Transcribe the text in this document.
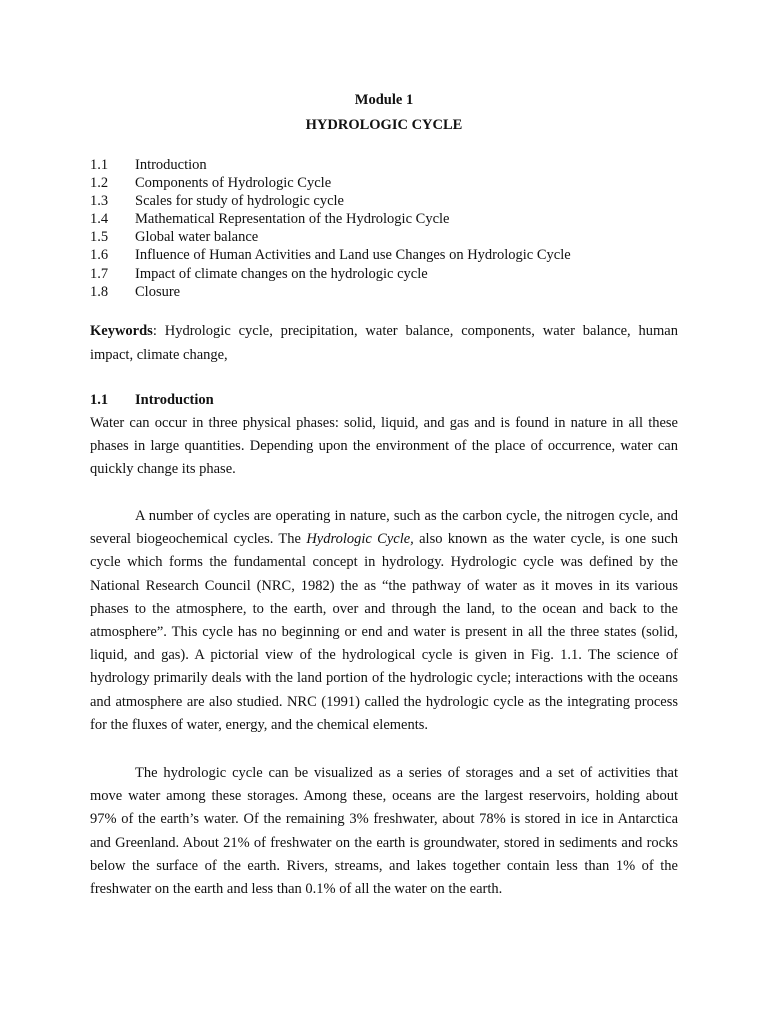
Module 1
HYDROLOGIC CYCLE
1.1	Introduction
1.2	Components of Hydrologic Cycle
1.3	Scales for study of hydrologic cycle
1.4	Mathematical Representation of the Hydrologic Cycle
1.5	Global water balance
1.6	Influence of Human Activities and Land use Changes on Hydrologic Cycle
1.7	Impact of climate changes on the hydrologic cycle
1.8	Closure
Keywords: Hydrologic cycle, precipitation, water balance, components, water balance, human impact, climate change,
1.1 Introduction

Water can occur in three physical phases: solid, liquid, and gas and is found in nature in all these phases in large quantities. Depending upon the environment of the place of occurrence, water can quickly change its phase.

A number of cycles are operating in nature, such as the carbon cycle, the nitrogen cycle, and several biogeochemical cycles. The Hydrologic Cycle, also known as the water cycle, is one such cycle which forms the fundamental concept in hydrology. Hydrologic cycle was defined by the National Research Council (NRC, 1982) the as “the pathway of water as it moves in its various phases to the atmosphere, to the earth, over and through the land, to the ocean and back to the atmosphere”. This cycle has no beginning or end and water is present in all the three states (solid, liquid, and gas). A pictorial view of the hydrological cycle is given in Fig. 1.1. The science of hydrology primarily deals with the land portion of the hydrologic cycle; interactions with the oceans and atmosphere are also studied. NRC (1991) called the hydrologic cycle as the integrating process for the fluxes of water, energy, and the chemical elements.

The hydrologic cycle can be visualized as a series of storages and a set of activities that move water among these storages. Among these, oceans are the largest reservoirs, holding about 97% of the earth’s water. Of the remaining 3% freshwater, about 78% is stored in ice in Antarctica and Greenland. About 21% of freshwater on the earth is groundwater, stored in sediments and rocks below the surface of the earth. Rivers, streams, and lakes together contain less than 1% of the freshwater on the earth and less than 0.1% of all the water on the earth.
